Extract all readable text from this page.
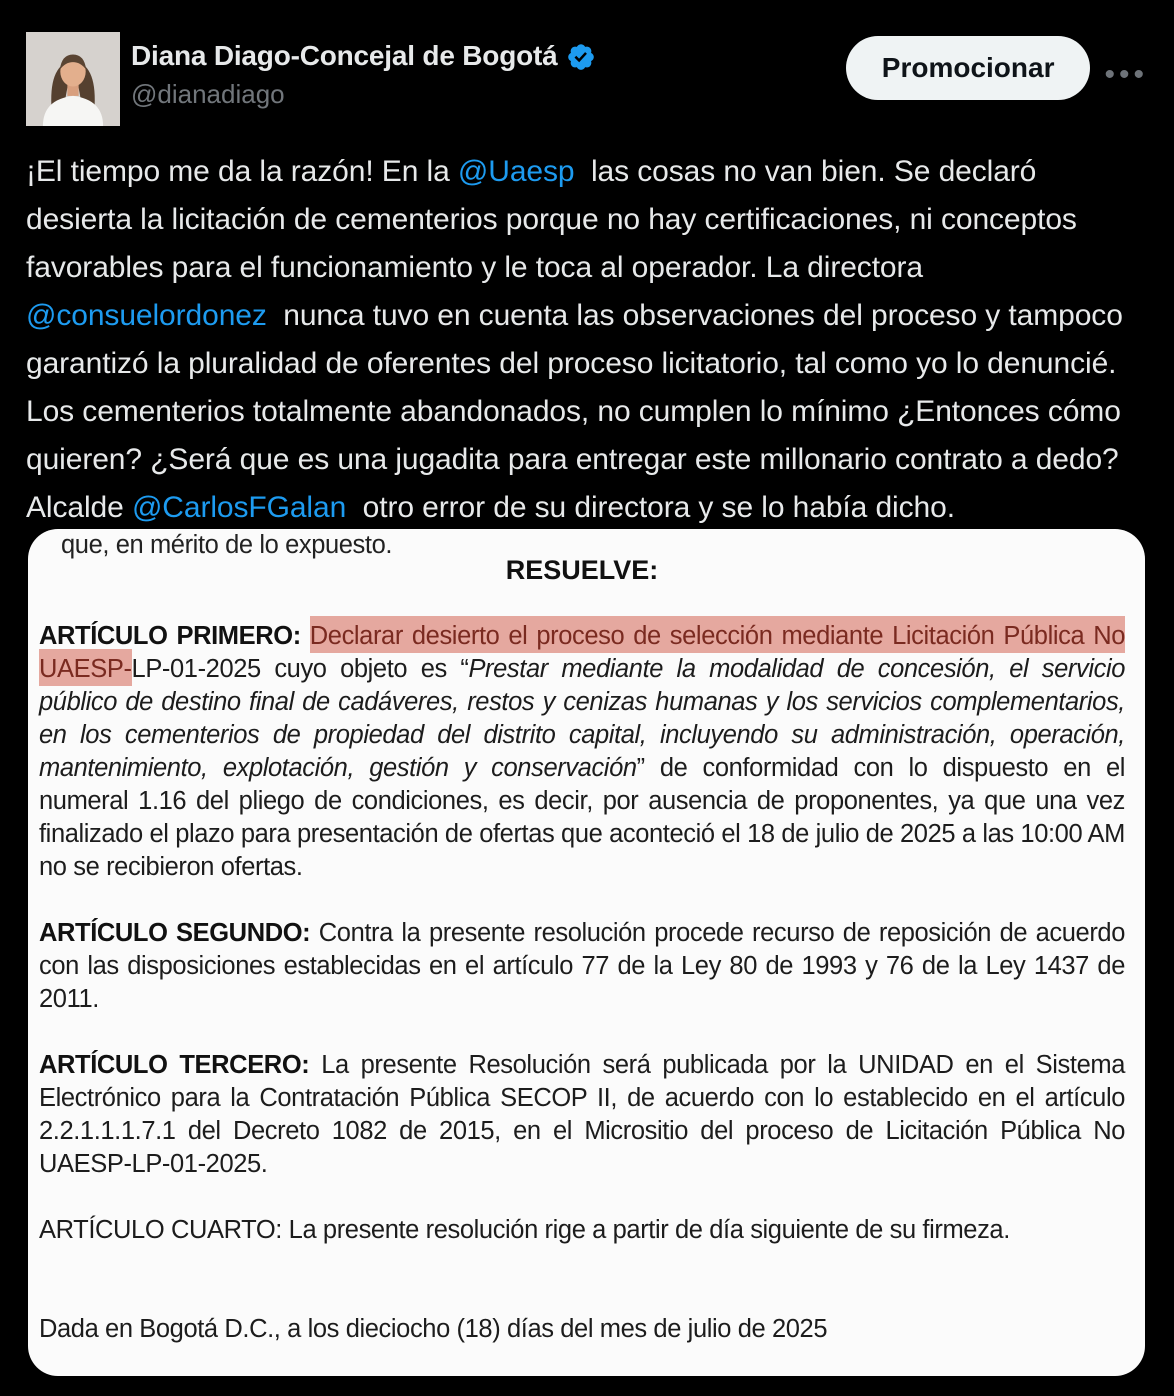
Diana Diago-Concejal de Bogotá
@dianadiago
Promocionar	•••
¡El tiempo me da la razón! En la @Uaesp  las cosas no van bien. Se declaró desierta la licitación de cementerios porque no hay certificaciones, ni conceptos favorables para el funcionamiento y le toca al operador. La directora  @consuelordonez  nunca tuvo en cuenta las observaciones del proceso y tampoco garantizó la pluralidad de oferentes del proceso licitatorio, tal como yo lo denuncié. Los cementerios totalmente abandonados, no cumplen lo mínimo ¿Entonces cómo quieren? ¿Será que es una jugadita para entregar este millonario contrato a dedo? Alcalde @CarlosFGalan  otro error de su directora y se lo había dicho.
que, en mérito de lo expuesto.
RESUELVE:

ARTÍCULO PRIMERO: Declarar desierto el proceso de selección mediante Licitación Pública No UAESP-LP-01-2025 cuyo objeto es “Prestar mediante la modalidad de concesión, el servicio público de destino final de cadáveres, restos y cenizas humanas y los servicios complementarios, en los cementerios de propiedad del distrito capital, incluyendo su administración, operación, mantenimiento, explotación, gestión y conservación” de conformidad con lo dispuesto en el numeral 1.16 del pliego de condiciones, es decir, por ausencia de proponentes, ya que una vez finalizado el plazo para presentación de ofertas que aconteció el 18 de julio de 2025 a las 10:00 AM no se recibieron ofertas.

ARTÍCULO SEGUNDO: Contra la presente resolución procede recurso de reposición de acuerdo con las disposiciones establecidas en el artículo 77 de la Ley 80 de 1993 y 76 de la Ley 1437 de 2011.

ARTÍCULO TERCERO: La presente Resolución será publicada por la UNIDAD en el Sistema Electrónico para la Contratación Pública SECOP II, de acuerdo con lo establecido en el artículo 2.2.1.1.1.7.1 del Decreto 1082 de 2015, en el Micrositio del proceso de Licitación Pública No UAESP-LP-01-2025.

ARTÍCULO CUARTO: La presente resolución rige a partir de día siguiente de su firmeza.

Dada en Bogotá D.C., a los dieciocho (18) días del mes de julio de 2025
